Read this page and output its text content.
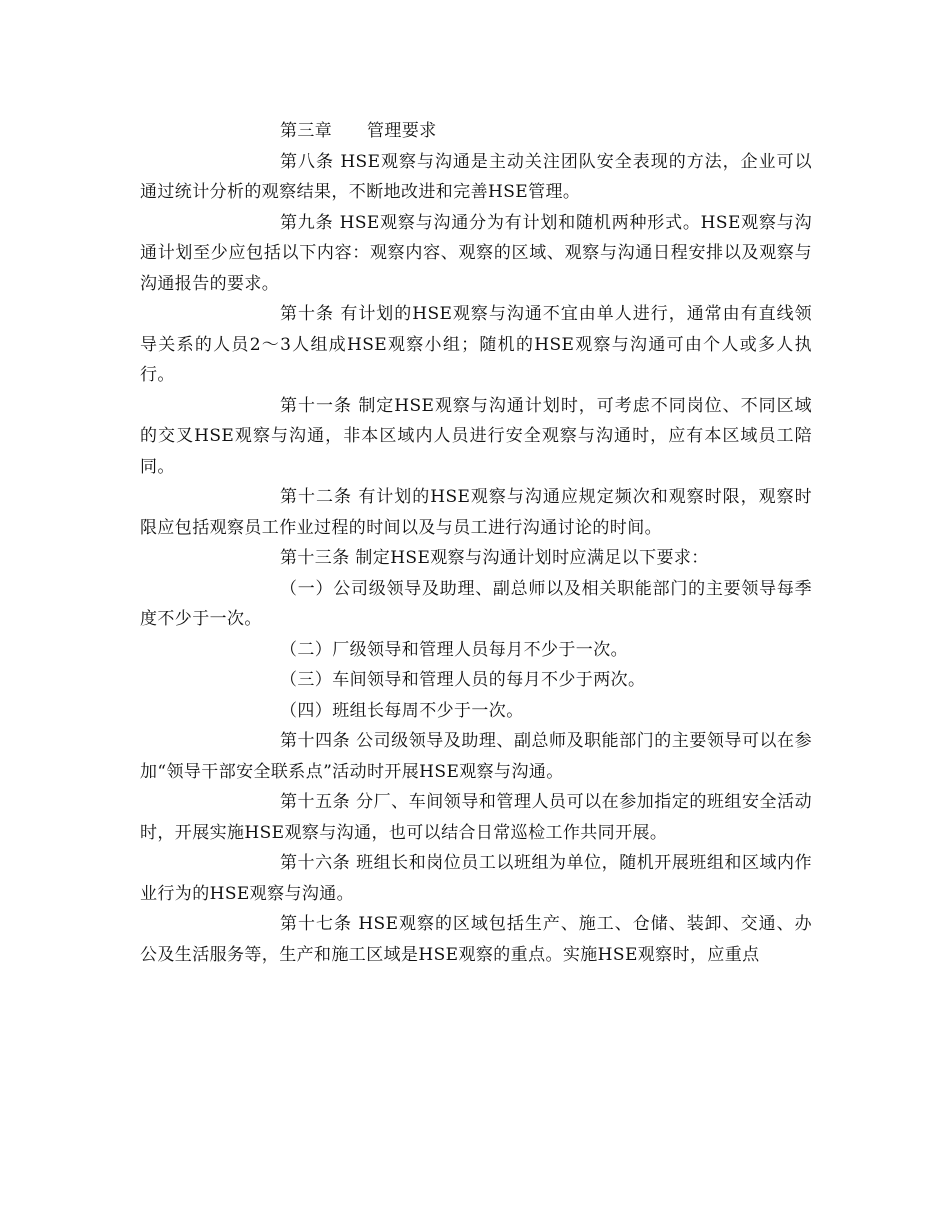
第三章      管理要求

第八条 HSE观察与沟通是主动关注团队安全表现的方法，企业可以通过统计分析的观察结果，不断地改进和完善HSE管理。

第九条 HSE观察与沟通分为有计划和随机两种形式。HSE观察与沟通计划至少应包括以下内容：观察内容、观察的区域、观察与沟通日程安排以及观察与沟通报告的要求。

第十条 有计划的HSE观察与沟通不宜由单人进行，通常由有直线领导关系的人员2～3人组成HSE观察小组；随机的HSE观察与沟通可由个人或多人执行。

第十一条 制定HSE观察与沟通计划时，可考虑不同岗位、不同区域的交叉HSE观察与沟通，非本区域内人员进行安全观察与沟通时，应有本区域员工陪同。

第十二条 有计划的HSE观察与沟通应规定频次和观察时限，观察时限应包括观察员工作业过程的时间以及与员工进行沟通讨论的时间。

第十三条 制定HSE观察与沟通计划时应满足以下要求：

（一）公司级领导及助理、副总师以及相关职能部门的主要领导每季度不少于一次。

（二）厂级领导和管理人员每月不少于一次。

（三）车间领导和管理人员的每月不少于两次。

（四）班组长每周不少于一次。

第十四条 公司级领导及助理、副总师及职能部门的主要领导可以在参加“领导干部安全联系点”活动时开展HSE观察与沟通。

第十五条 分厂、车间领导和管理人员可以在参加指定的班组安全活动时，开展实施HSE观察与沟通，也可以结合日常巡检工作共同开展。

第十六条 班组长和岗位员工以班组为单位，随机开展班组和区域内作业行为的HSE观察与沟通。

第十七条 HSE观察的区域包括生产、施工、仓储、装卸、交通、办公及生活服务等，生产和施工区域是HSE观察的重点。实施HSE观察时，应重点
